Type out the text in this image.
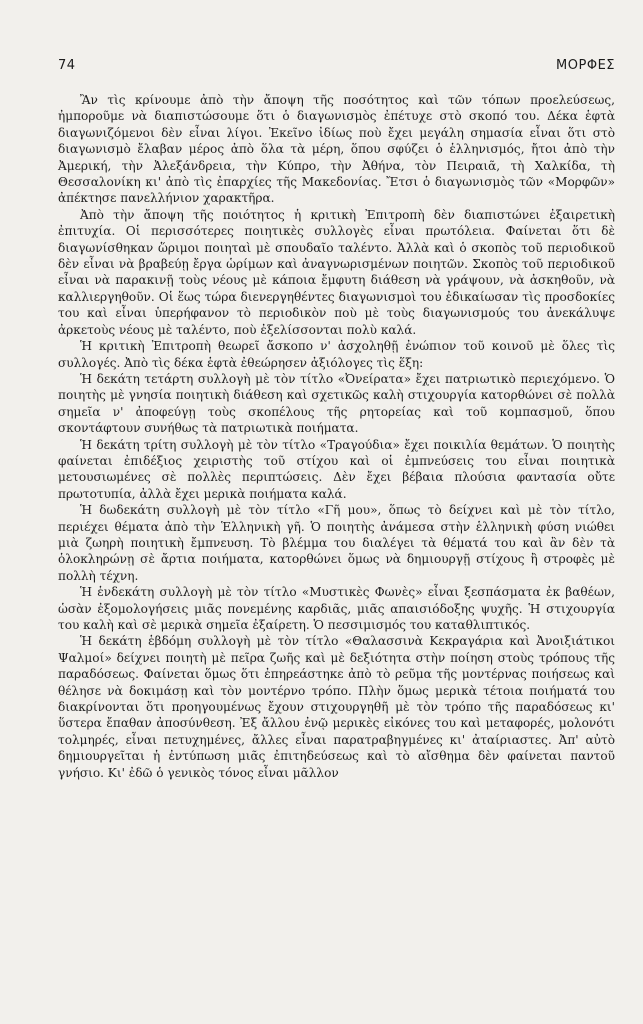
74	ΜΟΡΦΕΣ

Ἂν τὶς κρίνουμε ἀπὸ τὴν ἄποψη τῆς ποσότητος καὶ τῶν τόπων προελεύσεως, ἠμποροῦμε νὰ διαπιστώσουμε ὅτι ὁ διαγωνισμὸς ἐπέτυχε στὸ σκοπό του. Δέκα ἑφτὰ διαγωνιζόμενοι δὲν εἶναι λίγοι. Ἐκεῖνο ἰδίως ποὺ ἔχει μεγάλη σημασία εἶναι ὅτι στὸ διαγωνισμὸ ἔλαβαν μέρος ἀπὸ ὅλα τὰ μέρη, ὅπου σφύζει ὁ ἑλληνισμός, ἤτοι ἀπὸ τὴν Ἀμερική, τὴν Ἀλεξάνδρεια, τὴν Κύπρο, τὴν Ἀθήνα, τὸν Πειραιᾶ, τὴ Χαλκίδα, τὴ Θεσσαλονίκη κι' ἀπὸ τὶς ἐπαρχίες τῆς Μακεδονίας. Ἔτσι ὁ διαγωνισμὸς τῶν «Μορφῶν» ἀπέκτησε πανελλήνιον χαρακτῆρα.

Ἀπὸ τὴν ἄποψη τῆς ποιότητος ἡ κριτικὴ Ἐπιτροπὴ δὲν διαπιστώνει ἐξαιρετικὴ ἐπιτυχία. Οἱ περισσότερες ποιητικὲς συλλογὲς εἶναι πρωτόλεια. Φαίνεται ὅτι δὲ διαγωνίσθηκαν ὥριμοι ποιηταὶ μὲ σπουδαῖο ταλέντο. Ἀλλὰ καὶ ὁ σκοπὸς τοῦ περιοδικοῦ δὲν εἶναι νὰ βραβεύῃ ἔργα ὡρίμων καὶ ἀναγνωρισμένων ποιητῶν. Σκοπὸς τοῦ περιοδικοῦ εἶναι νὰ παρακινῇ τοὺς νέους μὲ κάποια ἔμφυτη διάθεση νὰ γράψουν, νὰ ἀσκηθοῦν, νὰ καλλιεργηθοῦν. Οἱ ἕως τώρα διενεργηθέντες διαγωνισμοὶ του ἐδικαίωσαν τὶς προσδοκίες του καὶ εἶναι ὑπερήφανον τὸ περιοδικὸν ποὺ μὲ τοὺς διαγωνισμούς του ἀνεκάλυψε ἀρκετοὺς νέους μὲ ταλέντο, ποὺ ἐξελίσσονται πολὺ καλά.

Ἡ κριτικὴ Ἐπιτροπὴ θεωρεῖ ἄσκοπο ν' ἀσχοληθῇ ἐνώπιον τοῦ κοινοῦ μὲ ὅλες τὶς συλλογές. Ἀπὸ τὶς δέκα ἑφτὰ ἐθεώρησεν ἀξιόλογες τὶς ἕξη:

Ἡ δεκάτη τετάρτη συλλογὴ μὲ τὸν τίτλο «Ὀνείρατα» ἔχει πατριωτικὸ περιεχόμενο. Ὁ ποιητὴς μὲ γνησία ποιητικὴ διάθεση καὶ σχετικῶς καλὴ στιχουργία κατορθώνει σὲ πολλὰ σημεῖα ν' ἀποφεύγῃ τοὺς σκοπέλους τῆς ρητορείας καὶ τοῦ κομπασμοῦ, ὅπου σκοντάφτουν συνήθως τὰ πατριωτικὰ ποιήματα.

Ἡ δεκάτη τρίτη συλλογὴ μὲ τὸν τίτλο «Τραγούδια» ἔχει ποικιλία θεμάτων. Ὁ ποιητὴς φαίνεται ἐπιδέξιος χειριστὴς τοῦ στίχου καὶ οἱ ἐμπνεύσεις του εἶναι ποιητικὰ μετουσιωμένες σὲ πολλὲς περιπτώσεις. Δὲν ἔχει βέβαια πλούσια φαντασία οὔτε πρωτοτυπία, ἀλλὰ ἔχει μερικὰ ποιήματα καλά.

Ἡ δωδεκάτη συλλογὴ μὲ τὸν τίτλο «Γῆ μου», ὅπως τὸ δείχνει καὶ μὲ τὸν τίτλο, περιέχει θέματα ἀπὸ τὴν Ἑλληνικὴ γῆ. Ὁ ποιητὴς ἀνάμεσα στὴν ἑλληνικὴ φύση νιώθει μιὰ ζωηρὴ ποιητικὴ ἔμπνευση. Τὸ βλέμμα του διαλέγει τὰ θέματά του καὶ ἂν δὲν τὰ ὁλοκληρώνῃ σὲ ἄρτια ποιήματα, κατορθώνει ὅμως νὰ δημιουργῇ στίχους ἢ στροφὲς μὲ πολλὴ τέχνη.

Ἡ ἑνδεκάτη συλλογὴ μὲ τὸν τίτλο «Μυστικὲς Φωνὲς» εἶναι ξεσπάσματα ἐκ βαθέων, ὡσὰν ἐξομολογήσεις μιᾶς πονεμένης καρδιᾶς, μιᾶς απαισιόδοξης ψυχῆς. Ἡ στιχουργία του καλὴ καὶ σὲ μερικὰ σημεῖα ἐξαίρετη. Ὁ πεσσιμισμός του καταθλιπτικός.

Ἡ δεκάτη ἑβδόμη συλλογὴ μὲ τὸν τίτλο «Θαλασσινὰ Κεκραγάρια καὶ Ἀνοιξιάτικοι Ψαλμοί» δείχνει ποιητὴ μὲ πεῖρα ζωῆς καὶ μὲ δεξιότητα στὴν ποίηση στοὺς τρόπους τῆς παραδόσεως. Φαίνεται ὅμως ὅτι ἐπηρεάστηκε ἀπὸ τὸ ρεῦμα τῆς μοντέρνας ποιήσεως καὶ θέλησε νὰ δοκιμάσῃ καὶ τὸν μοντέρνο τρόπο. Πλὴν ὅμως μερικὰ τέτοια ποιήματά του διακρίνονται ὅτι προηγουμένως ἔχουν στιχουργηθῆ μὲ τὸν τρόπο τῆς παραδόσεως κι' ὕστερα ἔπαθαν ἀποσύνθεση. Ἐξ ἄλλου ἐνῷ μερικὲς εἰκόνες του καὶ μεταφορές, μολονότι τολμηρές, εἶναι πετυχημένες, ἄλλες εἶναι παρατραβηγμένες κι' ἀταίριαστες. Ἀπ' αὐτὸ δημιουργεῖται ἡ ἐντύπωση μιᾶς ἐπιτηδεύσεως καὶ τὸ αἴσθημα δὲν φαίνεται παντοῦ γνήσιο. Κι' ἐδῶ ὁ γενικὸς τόνος εἶναι μᾶλλον
